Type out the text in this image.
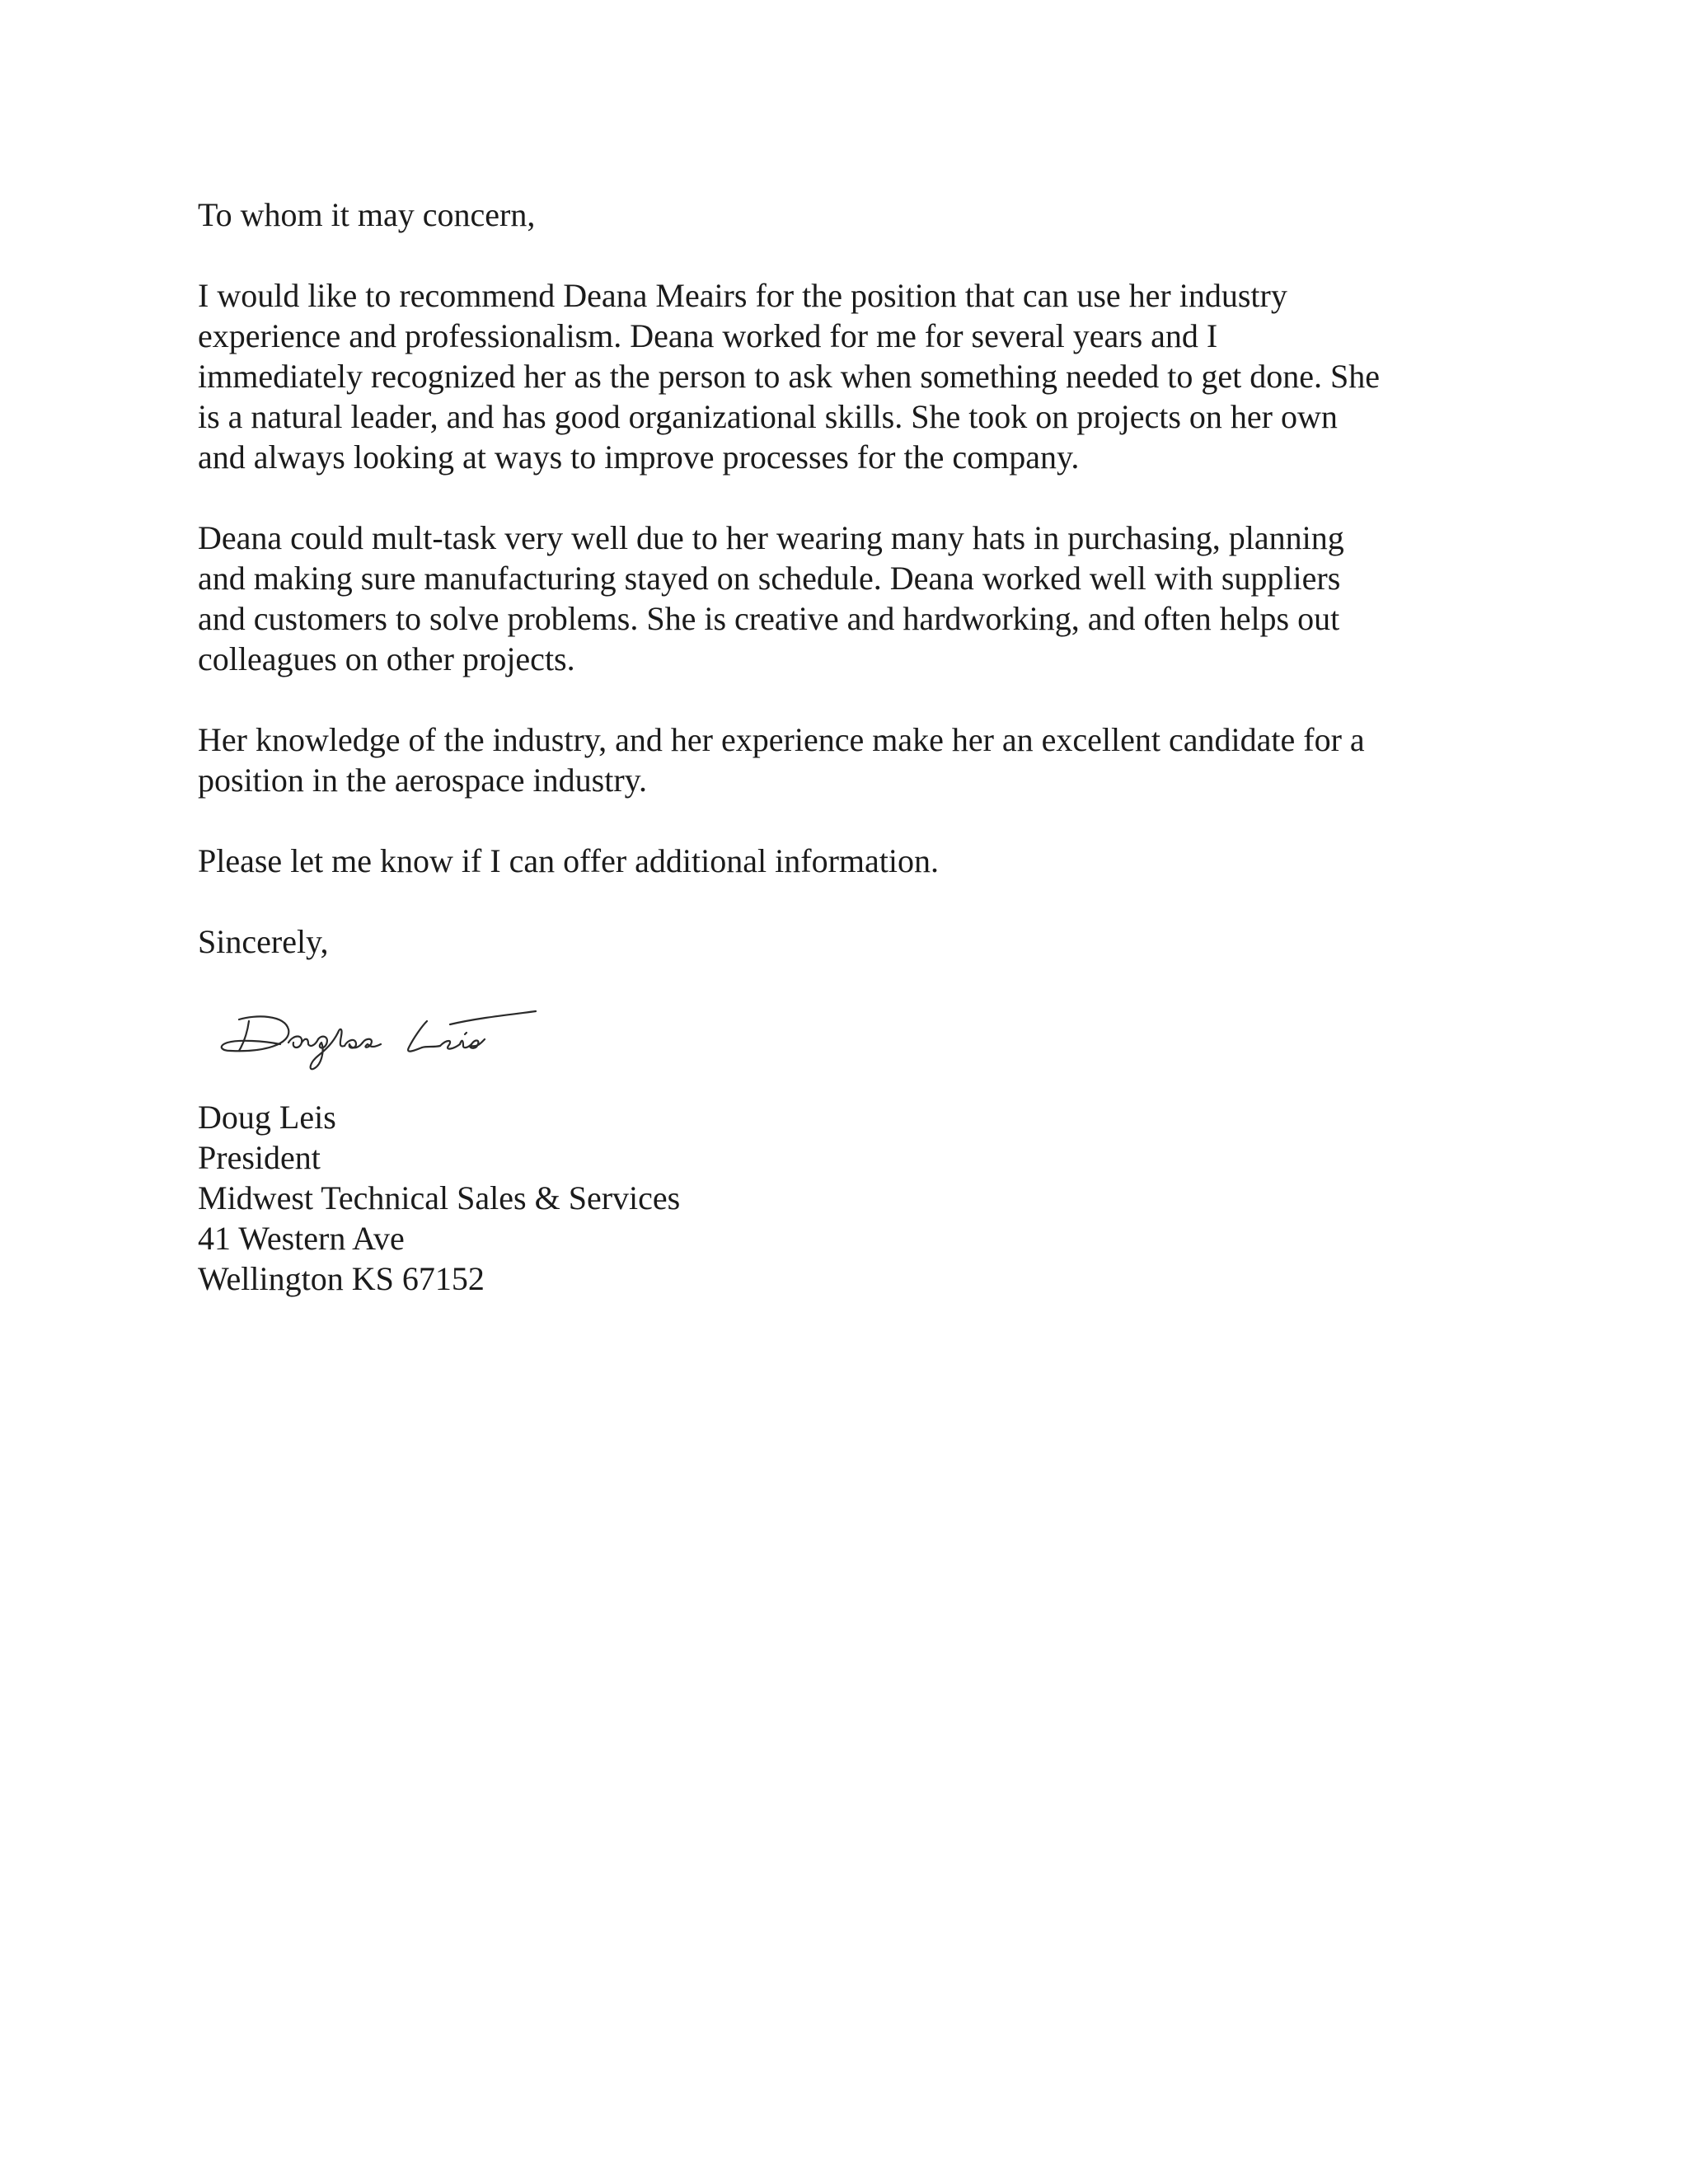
To whom it may concern,

I would like to recommend Deana Meairs for the position that can use her industry
experience and professionalism. Deana worked for me for several years and I
immediately recognized her as the person to ask when something needed to get done. She
is a natural leader, and has good organizational skills. She took on projects on her own
and always looking at ways to improve processes for the company.

Deana could mult-task very well due to her wearing many hats in purchasing, planning
and making sure manufacturing stayed on schedule. Deana worked well with suppliers
and customers to solve problems. She is creative and hardworking, and often helps out
colleagues on other projects.

Her knowledge of the industry, and her experience make her an excellent candidate for a
position in the aerospace industry.

Please let me know if I can offer additional information.

Sincerely,

Doug Leis
President
Midwest Technical Sales & Services
41 Western Ave
Wellington KS 67152
